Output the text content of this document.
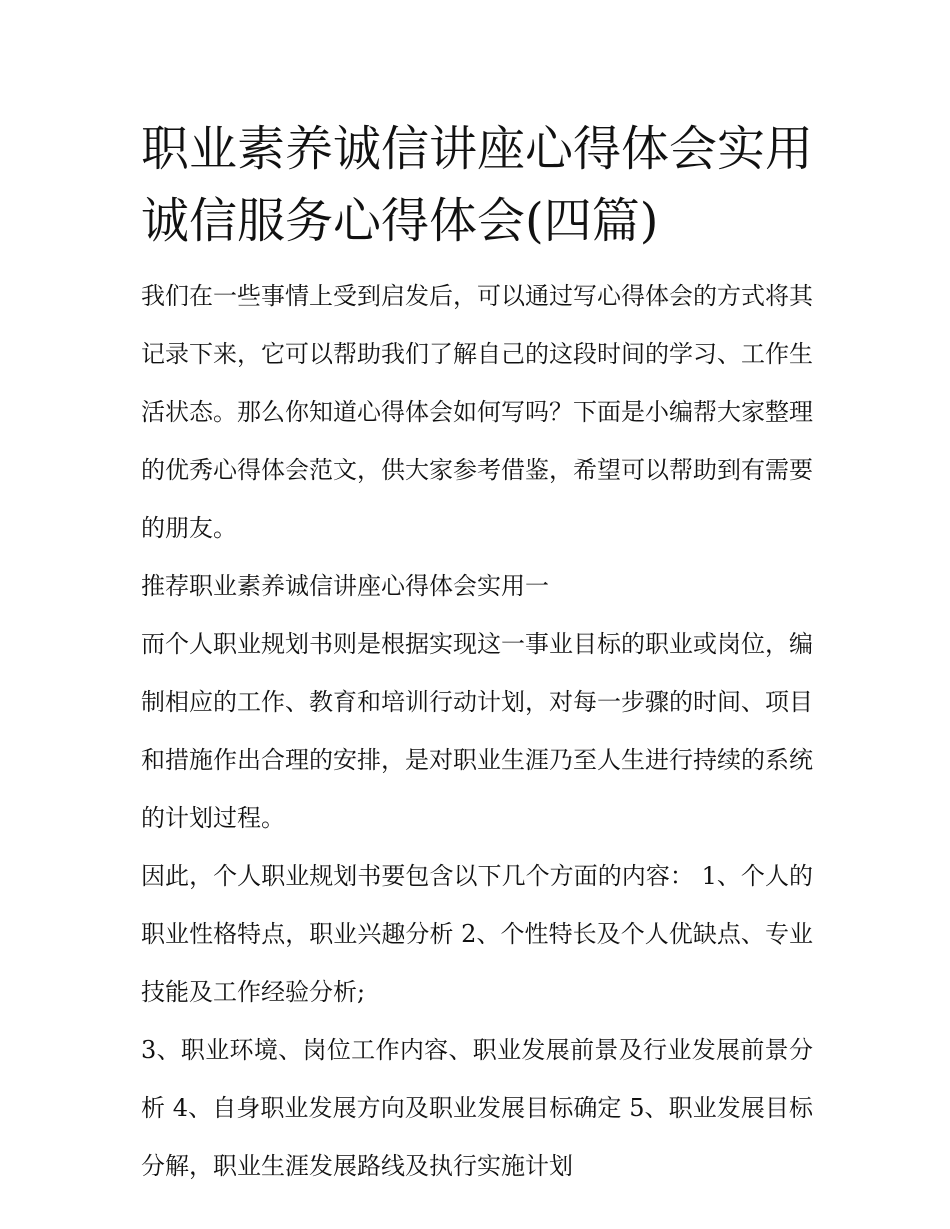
职业素养诚信讲座心得体会实用 诚信服务心得体会(四篇)

我们在一些事情上受到启发后，可以通过写心得体会的方式将其记录下来，它可以帮助我们了解自己的这段时间的学习、工作生活状态。那么你知道心得体会如何写吗？下面是小编帮大家整理的优秀心得体会范文，供大家参考借鉴，希望可以帮助到有需要的朋友。

推荐职业素养诚信讲座心得体会实用一

而个人职业规划书则是根据实现这一事业目标的职业或岗位，编制相应的工作、教育和培训行动计划，对每一步骤的时间、项目和措施作出合理的安排，是对职业生涯乃至人生进行持续的系统的计划过程。

因此，个人职业规划书要包含以下几个方面的内容： 1、个人的职业性格特点，职业兴趣分析 2、个性特长及个人优缺点、专业技能及工作经验分析;

3、职业环境、岗位工作内容、职业发展前景及行业发展前景分析 4、自身职业发展方向及职业发展目标确定 5、职业发展目标分解，职业生涯发展路线及执行实施计划
